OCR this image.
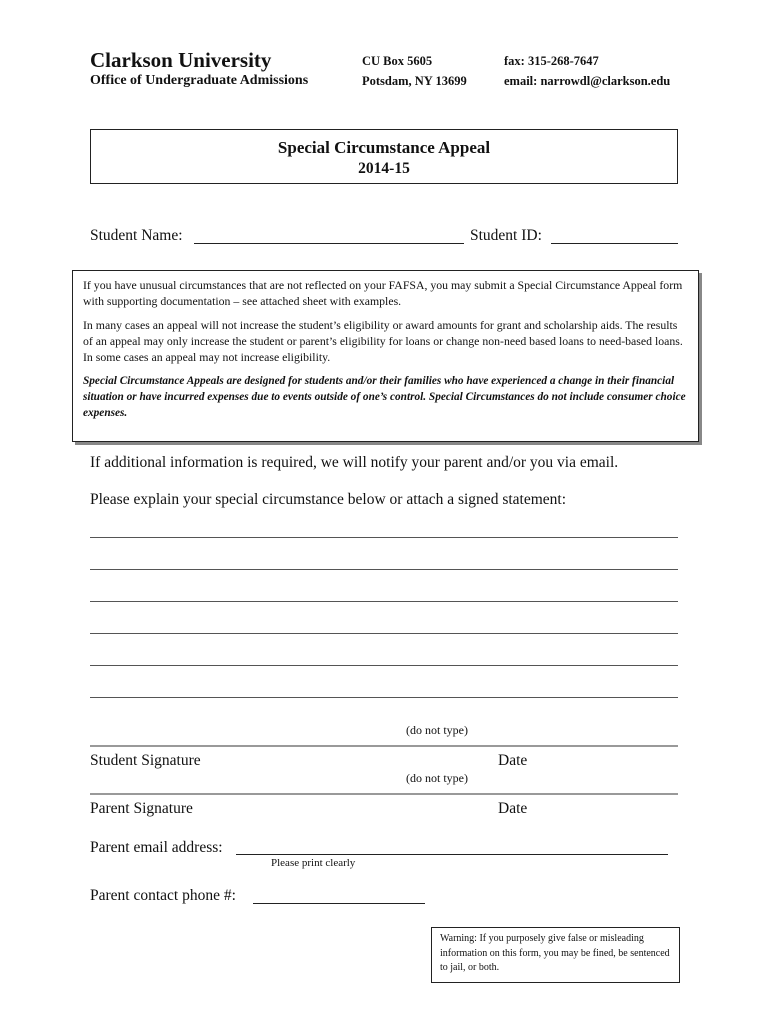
Clarkson University
Office of Undergraduate Admissions
CU Box 5605
Potsdam, NY 13699
fax: 315-268-7647
email: narrowdl@clarkson.edu
Special Circumstance Appeal
2014-15
Student Name:	Student ID:

If you have unusual circumstances that are not reflected on your FAFSA, you may submit a Special Circumstance Appeal form with supporting documentation – see attached sheet with examples.

In many cases an appeal will not increase the student’s eligibility or award amounts for grant and scholarship aids. The results of an appeal may only increase the student or parent’s eligibility for loans or change non-need based loans to need-based loans. In some cases an appeal may not increase eligibility.

Special Circumstance Appeals are designed for students and/or their families who have experienced a change in their financial situation or have incurred expenses due to events outside of one’s control. Special Circumstances do not include consumer choice expenses.

If additional information is required, we will notify your parent and/or you via email.
Please explain your special circumstance below or attach a signed statement:
(do not type)
Student Signature	Date
(do not type)
Parent Signature	Date
Parent email address:
Please print clearly
Parent contact phone #:
Warning: If you purposely give false or misleading information on this form, you may be fined, be sentenced to jail, or both.
